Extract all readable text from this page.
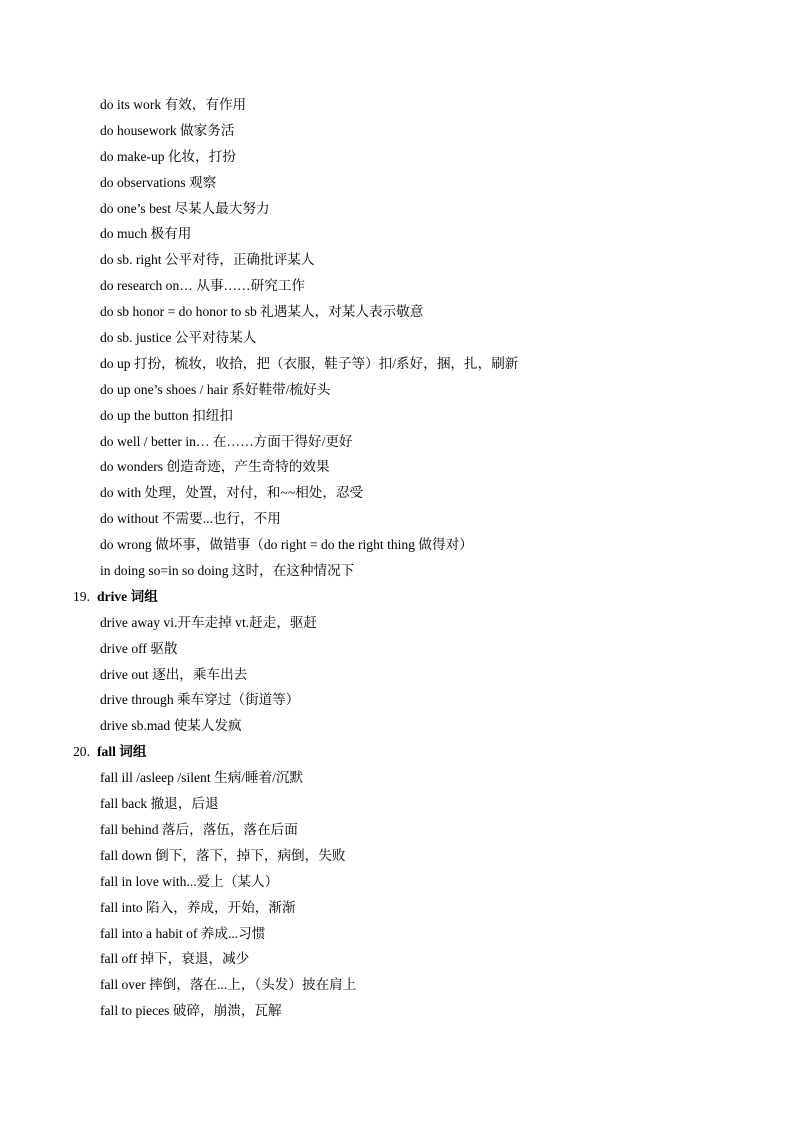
do its work 有效，有作用
do housework 做家务活
do make-up 化妆，打扮
do observations 观察
do one’s best 尽某人最大努力
do much 极有用
do sb. right 公平对待，正确批评某人
do research on… 从事……研究工作
do sb honor = do honor to sb 礼遇某人，对某人表示敬意
do sb. justice 公平对待某人
do up 打扮，梳妆，收拾，把（衣服，鞋子等）扣/系好，捆，扎，刷新
do up one’s shoes / hair 系好鞋带/梳好头
do up the button 扣纽扣
do well / better in… 在……方面干得好/更好
do wonders 创造奇迹，产生奇特的效果
do with 处理，处置，对付，和~~相处，忍受
do without 不需要...也行，不用
do wrong 做坏事，做错事（do right = do the right thing 做得对）
in doing so=in so doing 这时，在这种情况下
19. drive 词组
drive away vi.开车走掉 vt.赶走，驱赶
drive off 驱散
drive out 逐出，乘车出去
drive through 乘车穿过（街道等）
drive sb.mad 使某人发疯
20. fall 词组
fall ill /asleep /silent 生病/睡着/沉默
fall back 撤退，后退
fall behind 落后，落伍，落在后面
fall down 倒下，落下，掉下，病倒，失败
fall in love with...爱上（某人）
fall into 陷入，养成，开始，渐渐
fall into a habit of 养成...习惯
fall off 掉下，衰退，减少
fall over 摔倒，落在...上，（头发）披在肩上
fall to pieces 破碎，崩溃，瓦解
